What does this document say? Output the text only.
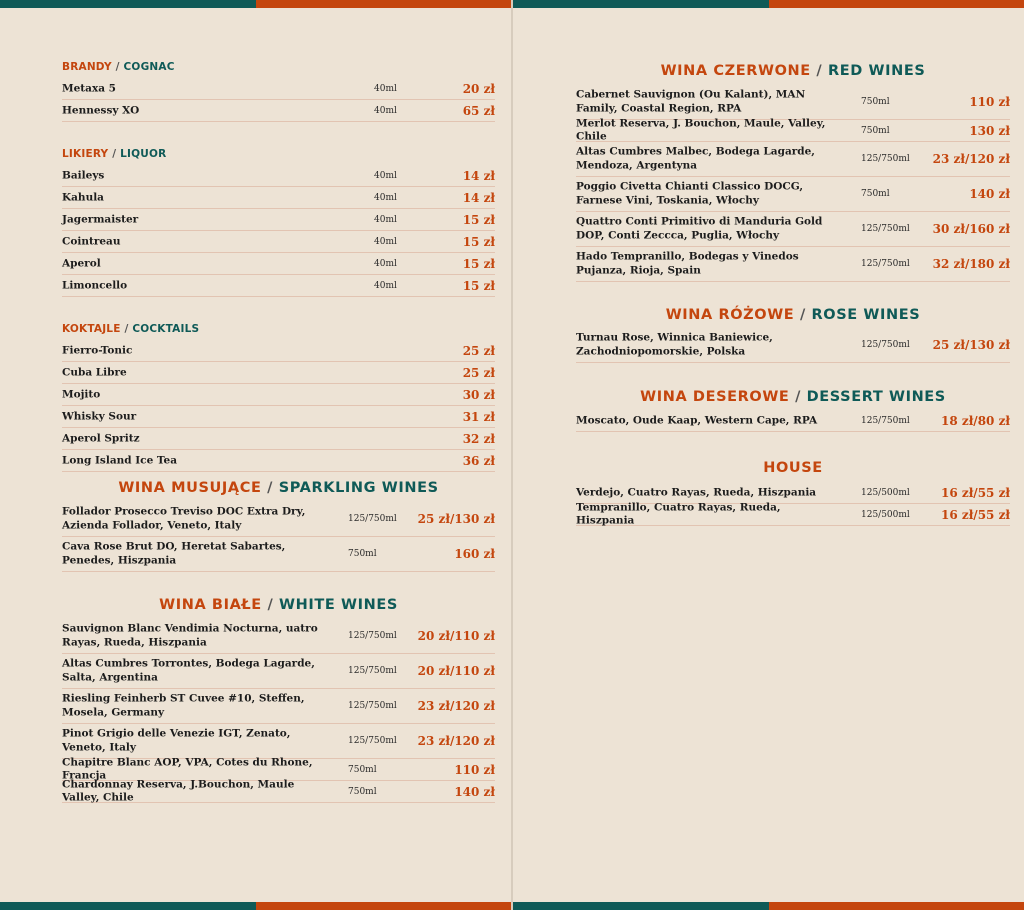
BRANDY / COGNAC
Metaxa 5	40ml	20 zł
Hennessy XO	40ml	65 zł
LIKIERY / LIQUOR
Baileys	40ml	14 zł
Kahula	40ml	14 zł
Jagermaister	40ml	15 zł
Cointreau	40ml	15 zł
Aperol	40ml	15 zł
Limoncello	40ml	15 zł
KOKTAJLE / COCKTAILS
Fierro-Tonic	25 zł
Cuba Libre	25 zł
Mojito	30 zł
Whisky Sour	31 zł
Aperol Spritz	32 zł
Long Island Ice Tea	36 zł
WINA MUSUJĄCE / SPARKLING WINES
Follador Prosecco Treviso DOC Extra Dry, Azienda Follador, Veneto, Italy	125/750ml 25 zł/130 zł
Cava Rose Brut DO, Heretat Sabartes, Penedes, Hiszpania	750ml	160 zł
WINA BIAŁE / WHITE WINES
Sauvignon Blanc Vendimia Nocturna, uatro Rayas, Rueda, Hiszpania	125/750ml 20 zł/110 zł
Altas Cumbres Torrontes, Bodega Lagarde, Salta, Argentina	125/750ml 20 zł/110 zł
Riesling Feinherb ST Cuvee #10, Steffen, Mosela, Germany	125/750ml 23 zł/120 zł
Pinot Grigio delle Venezie IGT, Zenato, Veneto, Italy	125/750ml 23 zł/120 zł
Chapitre Blanc AOP, VPA, Cotes du Rhone, Francja	750ml	110 zł
Chardonnay Reserva, J.Bouchon, Maule Valley, Chile	750ml	140 zł
WINA CZERWONE / RED WINES
Cabernet Sauvignon (Ou Kalant), MAN Family, Coastal Region, RPA	750ml	110 zł
Merlot Reserva, J. Bouchon, Maule, Valley, Chile	750ml	130 zł
Altas Cumbres Malbec, Bodega Lagarde, Mendoza, Argentyna	125/750ml 23 zł/120 zł
Poggio Civetta Chianti Classico DOCG, Farnese Vini, Toskania, Włochy	750ml	140 zł
Quattro Conti Primitivo di Manduria Gold DOP, Conti Zeccca, Puglia, Włochy	125/750ml 30 zł/160 zł
Hado Tempranillo, Bodegas y Vinedos Pujanza, Rioja, Spain	125/750ml 32 zł/180 zł
WINA RÓŻOWE / ROSE WINES
Turnau Rose, Winnica Baniewice, Zachodniopomorskie, Polska	125/750ml 25 zł/130 zł
WINA DESEROWE / DESSERT WINES
Moscato, Oude Kaap, Western Cape, RPA	125/750ml	18 zł/80 zł
HOUSE
Verdejo, Cuatro Rayas, Rueda, Hiszpania	125/500ml	16 zł/55 zł
Tempranillo, Cuatro Rayas, Rueda, Hiszpania	125/500ml	16 zł/55 zł
